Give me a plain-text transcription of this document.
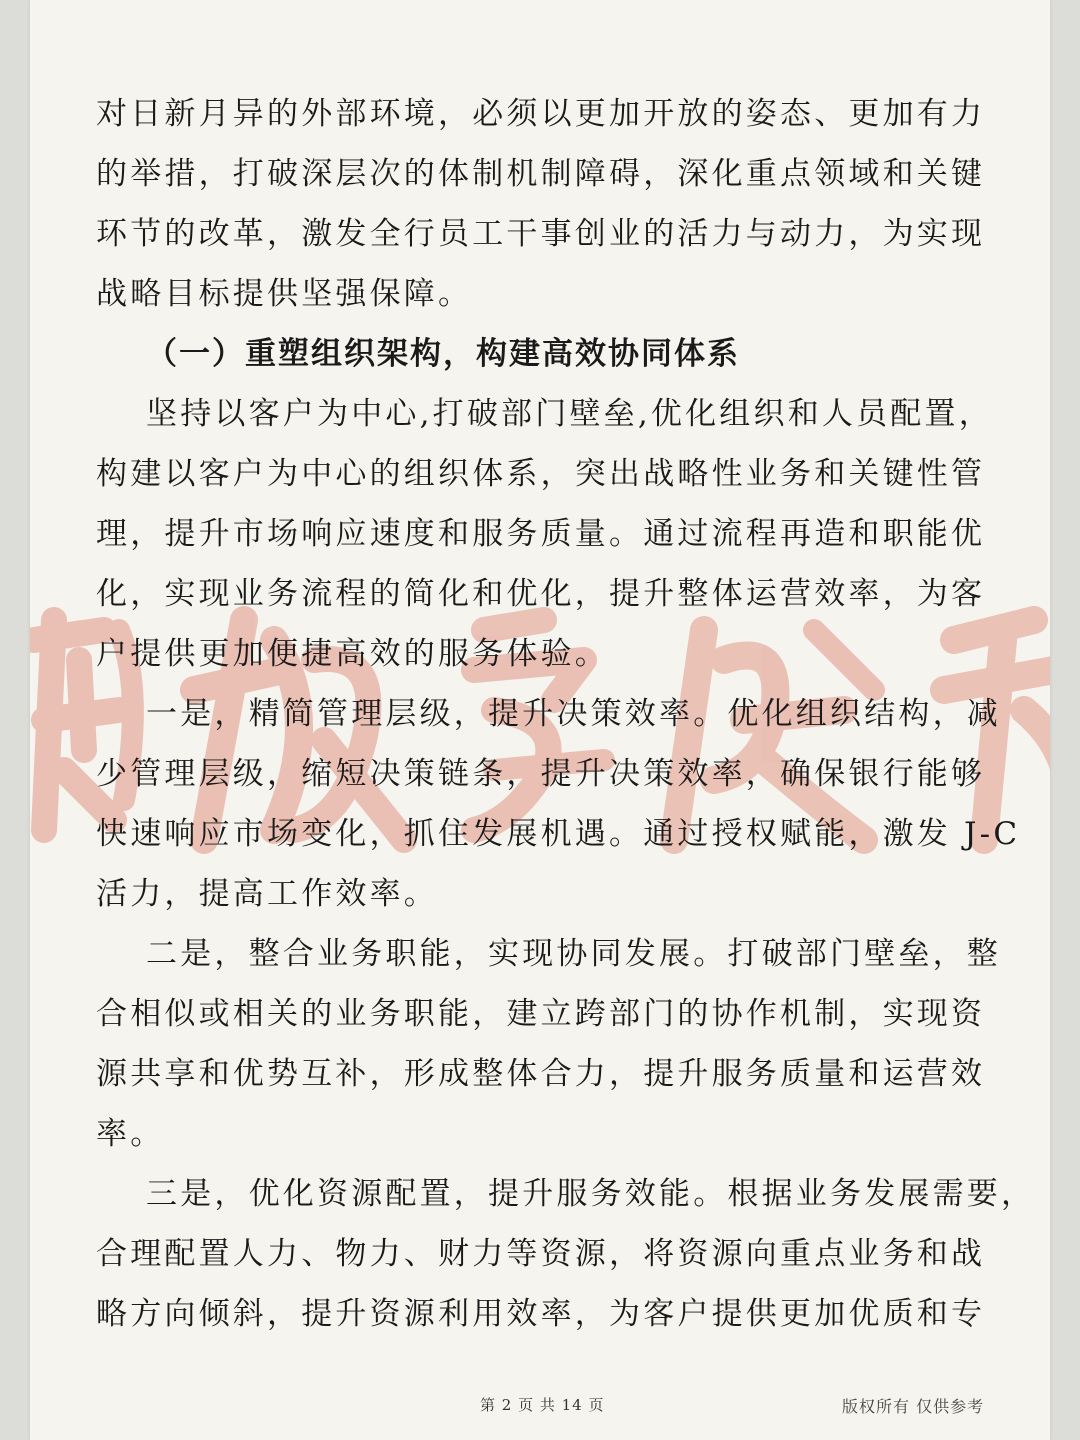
对日新月异的外部环境，必须以更加开放的姿态、更加有力
的举措，打破深层次的体制机制障碍，深化重点领域和关键
环节的改革，激发全行员工干事创业的活力与动力，为实现
战略目标提供坚强保障。
（一）重塑组织架构，构建高效协同体系
坚持以客户为中心,打破部门壁垒,优化组织和人员配置，
构建以客户为中心的组织体系，突出战略性业务和关键性管
理，提升市场响应速度和服务质量。通过流程再造和职能优
化，实现业务流程的简化和优化，提升整体运营效率，为客
户提供更加便捷高效的服务体验。
一是，精简管理层级，提升决策效率。优化组织结构，减
少管理层级，缩短决策链条，提升决策效率，确保银行能够
快速响应市场变化，抓住发展机遇。通过授权赋能，激发 J-C
活力，提高工作效率。
二是，整合业务职能，实现协同发展。打破部门壁垒，整
合相似或相关的业务职能，建立跨部门的协作机制，实现资
源共享和优势互补，形成整体合力，提升服务质量和运营效
率。
三是，优化资源配置，提升服务效能。根据业务发展需要，
合理配置人力、物力、财力等资源，将资源向重点业务和战
略方向倾斜，提升资源利用效率，为客户提供更加优质和专
第 2 页 共 14 页	版权所有 仅供参考
